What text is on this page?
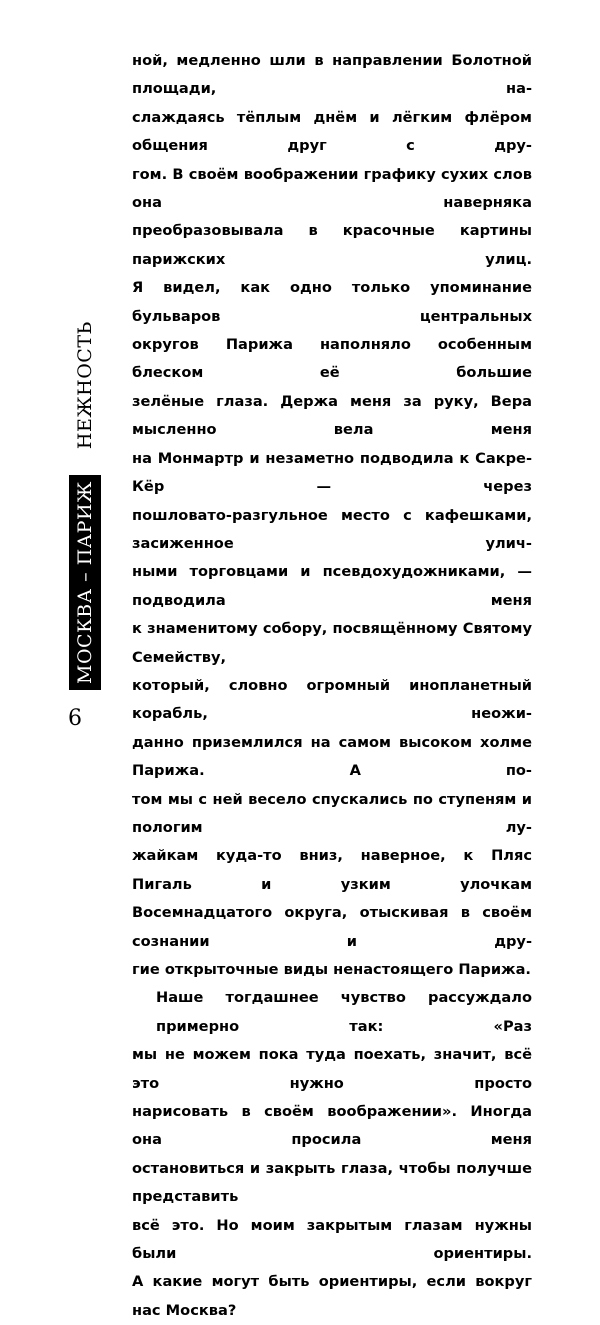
ной, медленно шли в направлении Болотной площади, на-
слаждаясь тёплым днём и лёгким флёром общения друг с дру-
гом. В своём воображении графику сухих слов она наверняка
преобразовывала в красочные картины парижских улиц.
Я видел, как одно только упоминание бульваров центральных
округов Парижа наполняло особенным блеском её большие
зелёные глаза. Держа меня за руку, Вера мысленно вела меня
на Монмартр и незаметно подводила к Сакре-Кёр — через
пошловато-разгульное место с кафешками, засиженное улич-
ными торговцами и псевдохудожниками, — подводила меня
к знаменитому собору, посвящённому Святому Семейству,
который, словно огромный инопланетный корабль, неожи-
данно приземлился на самом высоком холме Парижа. А по-
том мы с ней весело спускались по ступеням и пологим лу-
жайкам куда-то вниз, наверное, к Пляс Пигаль и узким улочкам
Восемнадцатого округа, отыскивая в своём сознании и дру-
гие открыточные виды ненастоящего Парижа.

Наше тогдашнее чувство рассуждало примерно так: «Раз
мы не можем пока туда поехать, значит, всё это нужно просто
нарисовать в своём воображении». Иногда она просила меня
остановиться и закрыть глаза, чтобы получше представить
всё это. Но моим закрытым глазам нужны были ориентиры.
А какие могут быть ориентиры, если вокруг нас Москва?

МОСКВА – ПАРИЖ
НЕЖНОСТЬ
6
